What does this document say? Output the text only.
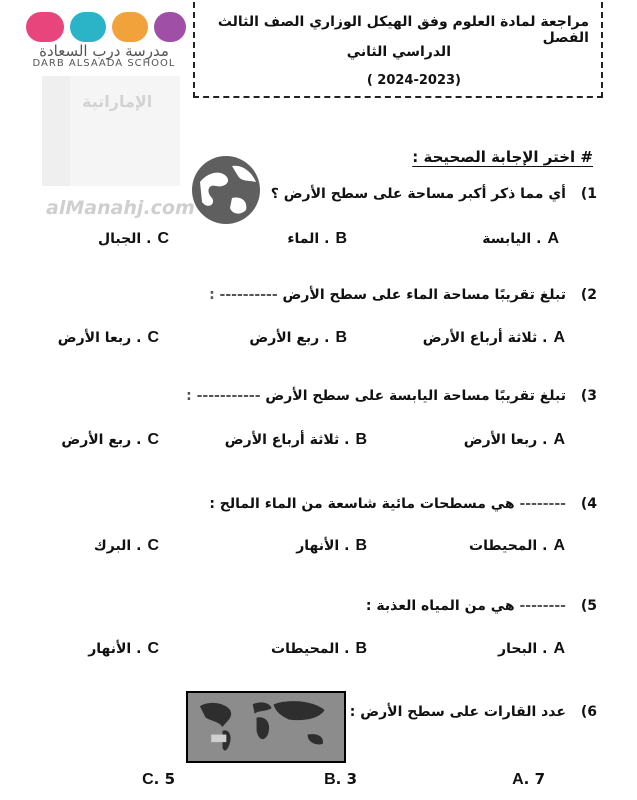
مدرسة درب السعادة
DARB ALSAADA SCHOOL
الإماراتية
alManahj.com
مراجعة لمادة العلوم وفق الهيكل الوزاري الصف الثالث الفصل
الدراسي الثاني
(2024-2023 )
# اختر الإجابة الصحيحة :
1) أي مما ذكر أكبر مساحة على سطح الأرض ؟
A. اليابسة
B. الماء
C. الجبال
2) تبلغ تقريبًا مساحة الماء على سطح الأرض ---------- :
A. ثلاثة أرباع الأرض
B. ربع الأرض
C. ربعا الأرض
3) تبلغ تقريبًا مساحة اليابسة على سطح الأرض ----------- :
A. ربعا الأرض
B. ثلاثة أرباع الأرض
C. ربع الأرض
4) -------- هي مسطحات مائية شاسعة من الماء المالح :
A. المحيطات
B. الأنهار
C. البرك
5) -------- هي من المياه العذبة :
A. البحار
B. المحيطات
C. الأنهار
6) عدد القارات على سطح الأرض :
A. 7
B. 3
C. 5
